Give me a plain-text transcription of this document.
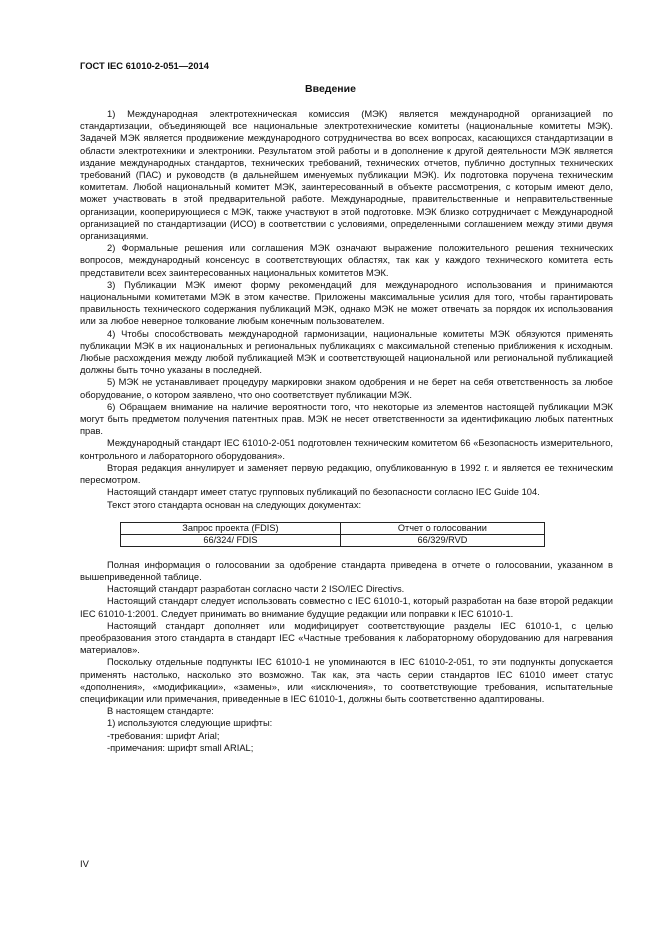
ГОСТ IEC 61010-2-051—2014
Введение

1) Международная электротехническая комиссия (МЭК) является международной организацией по стандартизации, объединяющей все национальные электротехнические комитеты (национальные комитеты МЭК). Задачей МЭК является продвижение международного сотрудничества во всех вопросах, касающихся стандартизации в области электротехники и электроники. Результатом этой работы и в дополнение к другой деятельности МЭК является издание международных стандартов, технических требований, технических отчетов, публично доступных технических требований (ПАС) и руководств (в дальнейшем именуемых публикации МЭК). Их подготовка поручена техническим комитетам. Любой национальный комитет МЭК, заинтересованный в объекте рассмотрения, с которым имеют дело, может участвовать в этой предварительной работе. Международные, правительственные и неправительственные организации, кооперирующиеся с МЭК, также участвуют в этой подготовке. МЭК близко сотрудничает с Международной организацией по стандартизации (ИСО) в соответствии с условиями, определенными соглашением между этими двумя организациями.

2) Формальные решения или соглашения МЭК означают выражение положительного решения технических вопросов, международный консенсус в соответствующих областях, так как у каждого технического комитета есть представители всех заинтересованных национальных комитетов МЭК.

3) Публикации МЭК имеют форму рекомендаций для международного использования и принимаются национальными комитетами МЭК в этом качестве. Приложены максимальные усилия для того, чтобы гарантировать правильность технического содержания публикаций МЭК, однако МЭК не может отвечать за порядок их использования или за любое неверное толкование любым конечным пользователем.

4) Чтобы способствовать международной гармонизации, национальные комитеты МЭК обязуются применять публикации МЭК в их национальных и региональных публикациях с максимальной степенью приближения к исходным. Любые расхождения между любой публикацией МЭК и соответствующей национальной или региональной публикацией должны быть точно указаны в последней.

5) МЭК не устанавливает процедуру маркировки знаком одобрения и не берет на себя ответственность за любое оборудование, о котором заявлено, что оно соответствует публикации МЭК.

6) Обращаем внимание на наличие вероятности того, что некоторые из элементов настоящей публикации МЭК могут быть предметом получения патентных прав. МЭК не несет ответственности за идентификацию любых патентных прав.

Международный стандарт IEC 61010-2-051 подготовлен техническим комитетом 66 «Безопасность измерительного, контрольного и лабораторного оборудования».

Вторая редакция аннулирует и заменяет первую редакцию, опубликованную в 1992 г. и является ее техническим пересмотром.

Настоящий стандарт имеет статус групповых публикаций по безопасности согласно IEC Guide 104.

Текст этого стандарта основан на следующих документах:

Запрос проекта (FDIS)	Отчет о голосовании
66/324/ FDIS	66/329/RVD

Полная информация о голосовании за одобрение стандарта приведена в отчете о голосовании, указанном в вышеприведенной таблице.

Настоящий стандарт разработан согласно части 2 ISO/IEC Directivs.

Настоящий стандарт следует использовать совместно с IEC 61010-1, который разработан на базе второй редакции IEC 61010-1:2001. Следует принимать во внимание будущие редакции или поправки к IEC 61010-1.

Настоящий стандарт дополняет или модифицирует соответствующие разделы IEC 61010-1, с целью преобразования этого стандарта в стандарт IEC «Частные требования к лабораторному оборудованию для нагревания материалов».

Поскольку отдельные подпункты IEC 61010-1 не упоминаются в IEC 61010-2-051, то эти подпункты допускается применять настолько, насколько это возможно. Так как, эта часть серии стандартов IEC 61010 имеет статус «дополнения», «модификации», «замены», или «исключения», то соответствующие требования, испытательные спецификации или примечания, приведенные в IEC 61010-1, должны быть соответственно адаптированы.

В настоящем стандарте:

1) используются следующие шрифты:

-требования: шрифт Arial;

-примечания: шрифт small ARIAL;

IV
